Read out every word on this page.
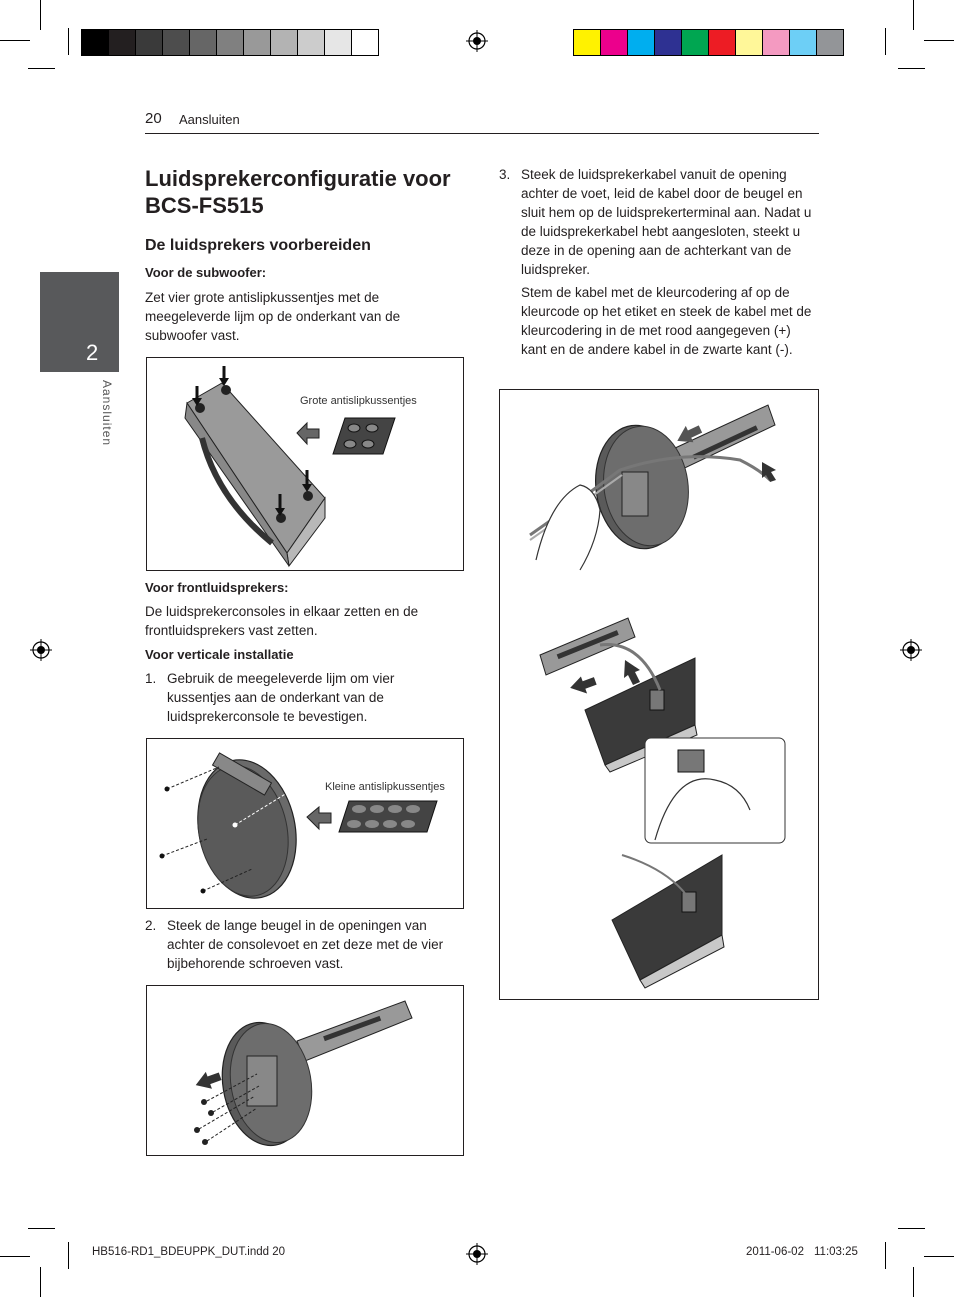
20 Aansluiten
2
Aansluiten
Luidsprekerconfiguratie voor BCS-FS515
De luidsprekers voorbereiden
Voor de subwoofer:
Zet vier grote antislipkussentjes met de meegeleverde lijm op de onderkant van de subwoofer vast.
Grote antislipkussentjes
Voor frontluidsprekers:
De luidsprekerconsoles in elkaar zetten en de frontluidsprekers vast zetten.
Voor verticale installatie
1. Gebruik de meegeleverde lijm om vier kussentjes aan de onderkant van de luidsprekerconsole te bevestigen.
Kleine antislipkussentjes
2. Steek de lange beugel in de openingen van achter de consolevoet en zet deze met de vier bijbehorende schroeven vast.
3. Steek de luidsprekerkabel vanuit de opening achter de voet, leid de kabel door de beugel en sluit hem op de luidsprekerterminal aan. Nadat u de luidsprekerkabel hebt aangesloten, steekt u deze in de opening aan de achterkant van de luidspreker.
Stem de kabel met de kleurcodering af op de kleurcode op het etiket en steek de kabel met de kleurcodering in de met rood aangegeven (+) kant en de andere kabel in de zwarte kant (-).
HB516-RD1_BDEUPPK_DUT.indd 20	2011-06-02 11:03:25
